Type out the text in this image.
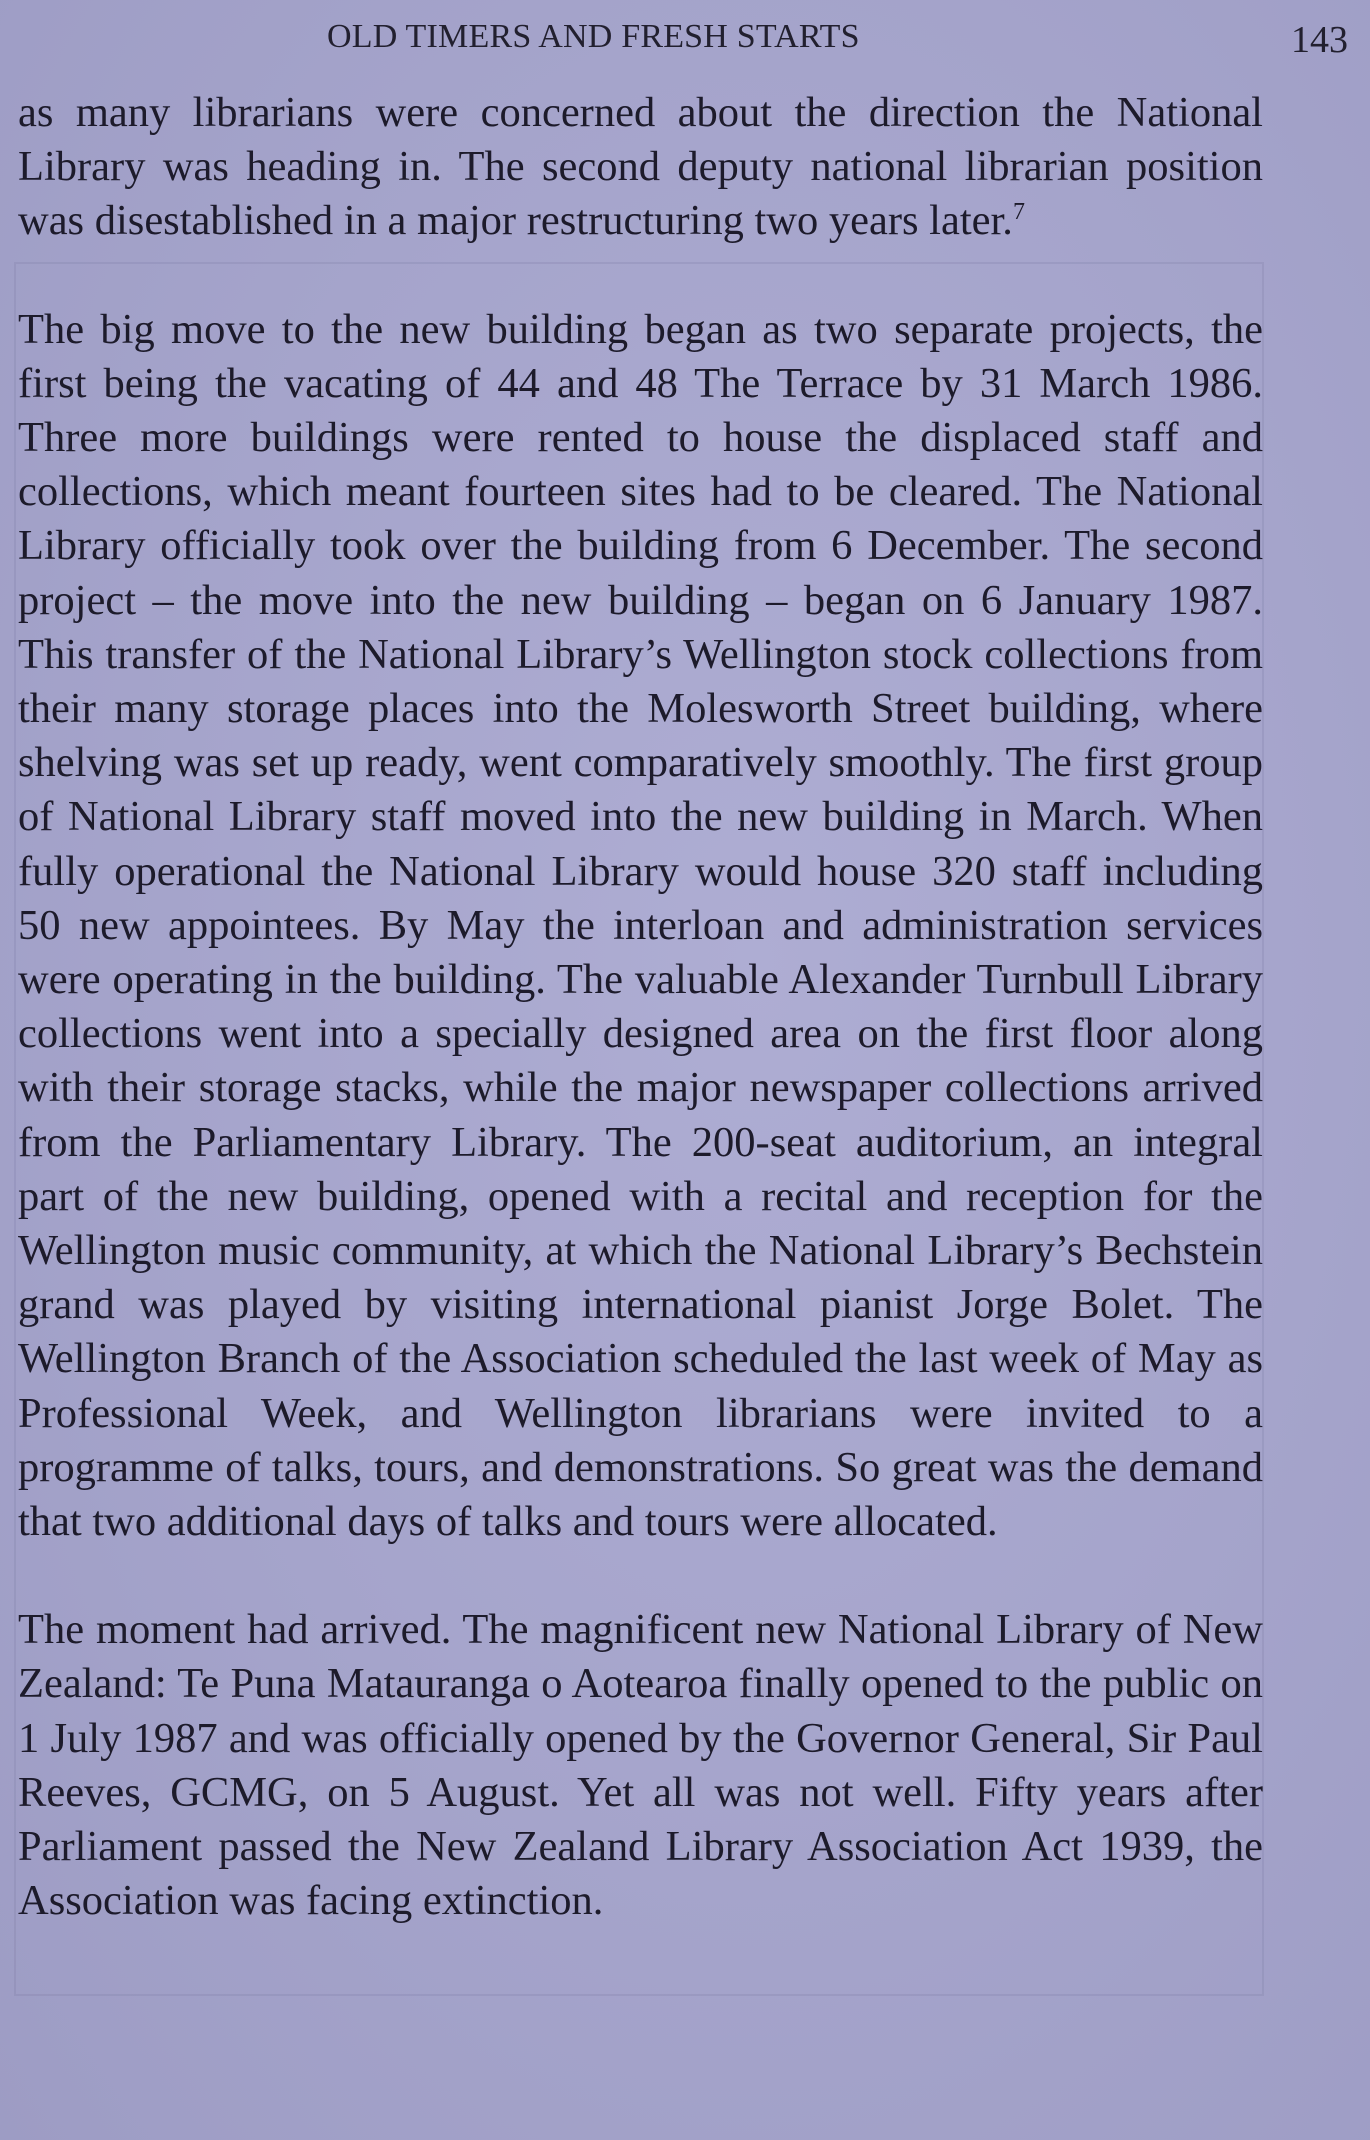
OLD TIMERS AND FRESH STARTS	143

as many librarians were concerned about the direction the National Library was heading in. The second deputy national librarian position was disestablished in a major restructuring two years later.$^7$

The big move to the new building began as two separate projects, the first being the vacating of 44 and 48 The Terrace by 31 March 1986. Three more buildings were rented to house the displaced staff and collections, which meant fourteen sites had to be cleared. The National Library officially took over the building from 6 December. The second project – the move into the new building – began on 6 January 1987. This transfer of the National Library’s Wellington stock collections from their many storage places into the Molesworth Street building, where shelving was set up ready, went comparatively smoothly. The first group of National Library staff moved into the new building in March. When fully operational the National Library would house 320 staff including 50 new appointees. By May the interloan and administration services were operating in the building. The valuable Alexander Turnbull Library collections went into a specially designed area on the first floor along with their storage stacks, while the major newspaper collections arrived from the Parliamentary Library. The 200-seat auditorium, an integral part of the new building, opened with a recital and reception for the Wellington music community, at which the National Library’s Bechstein grand was played by visiting international pianist Jorge Bolet. The Wellington Branch of the Association scheduled the last week of May as Professional Week, and Wellington librarians were invited to a programme of talks, tours, and demonstrations. So great was the demand that two additional days of talks and tours were allocated.

The moment had arrived. The magnificent new National Library of New Zealand: Te Puna Matauranga o Aotearoa finally opened to the public on 1 July 1987 and was officially opened by the Governor General, Sir Paul Reeves, GCMG, on 5 August. Yet all was not well. Fifty years after Parliament passed the New Zealand Library Association Act 1939, the Association was facing extinction.
